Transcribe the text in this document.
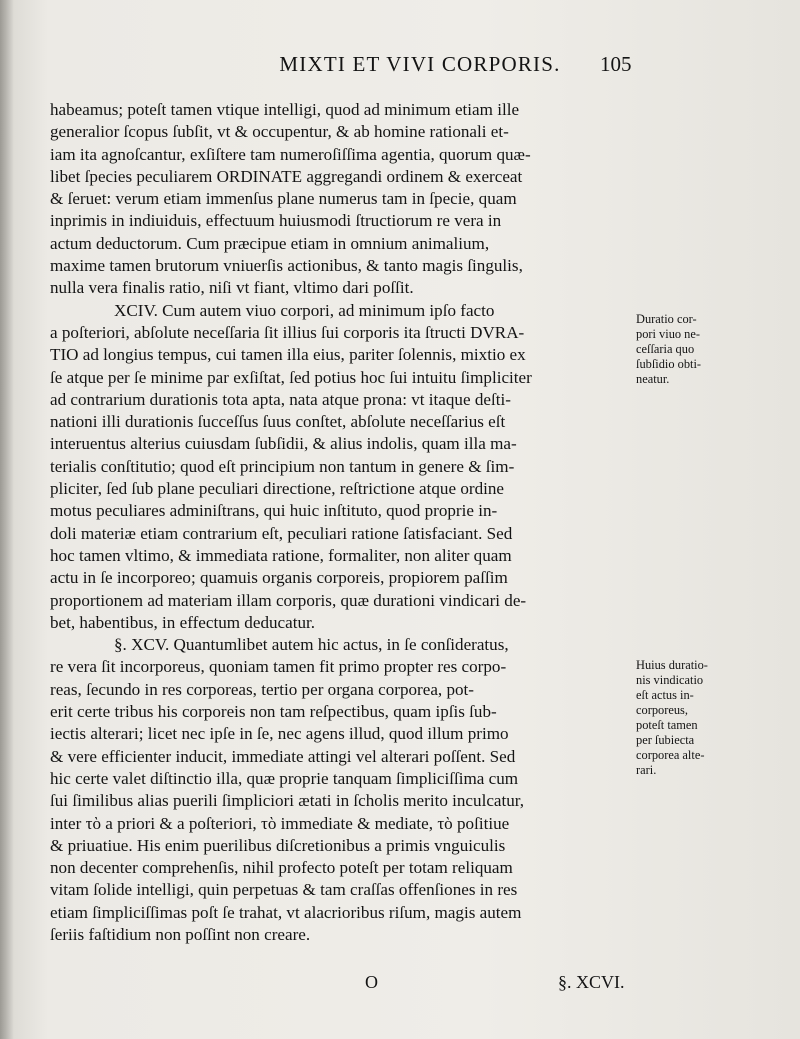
MIXTI ET VIVI CORPORIS.	105

habeamus; poteſt tamen vtique intelligi, quod ad minimum etiam ille
generalior ſcopus ſubſit, vt & occupentur, & ab homine rationali et-
iam ita agnoſcantur, exſiſtere tam numeroſiſſima agentia, quorum quæ-
libet ſpecies peculiarem ORDINATE aggregandi ordinem & exerceat
& ſeruet: verum etiam immenſus plane numerus tam in ſpecie, quam
inprimis in indiuiduis, effectuum huiusmodi ſtructiorum re vera in
actum deductorum. Cum præcipue etiam in omnium animalium,
maxime tamen brutorum vniuerſis actionibus, & tanto magis ſingulis,
nulla vera finalis ratio, niſi vt fiant, vltimo dari poſſit.

XCIV. Cum autem viuo corpori, ad minimum ipſo facto
a poſteriori, abſolute neceſſaria ſit illius ſui corporis ita ſtructi DVRA-
TIO ad longius tempus, cui tamen illa eius, pariter ſolennis, mixtio ex
ſe atque per ſe minime par exſiſtat, ſed potius hoc ſui intuitu ſimpliciter
ad contrarium durationis tota apta, nata atque prona: vt itaque deſti-
nationi illi durationis ſucceſſus ſuus conſtet, abſolute neceſſarius eſt
interuentus alterius cuiusdam ſubſidii, & alius indolis, quam illa ma-
terialis conſtitutio; quod eſt principium non tantum in genere & ſim-
pliciter, ſed ſub plane peculiari directione, reſtrictione atque ordine
motus peculiares adminiſtrans, qui huic inſtituto, quod proprie in-
doli materiæ etiam contrarium eſt, peculiari ratione ſatisfaciant. Sed
hoc tamen vltimo, & immediata ratione, formaliter, non aliter quam
actu in ſe incorporeo; quamuis organis corporeis, propiorem paſſim
proportionem ad materiam illam corporis, quæ durationi vindicari de-
bet, habentibus, in effectum deducatur.

§. XCV. Quantumlibet autem hic actus, in ſe conſideratus,
re vera ſit incorporeus, quoniam tamen fit primo propter res corpo-
reas, ſecundo in res corporeas, tertio per organa corporea, pot-
erit certe tribus his corporeis non tam reſpectibus, quam ipſis ſub-
iectis alterari; licet nec ipſe in ſe, nec agens illud, quod illum primo
& vere efficienter inducit, immediate attingi vel alterari poſſent. Sed
hic certe valet diſtinctio illa, quæ proprie tanquam ſimpliciſſima cum
ſui ſimilibus alias puerili ſimpliciori ætati in ſcholis merito inculcatur,
inter τὸ a priori & a poſteriori, τὸ immediate & mediate, τὸ poſitiue
& priuatiue. His enim puerilibus diſcretionibus a primis vnguiculis
non decenter comprehenſis, nihil profecto poteſt per totam reliquam
vitam ſolide intelligi, quin perpetuas & tam craſſas offenſiones in res
etiam ſimpliciſſimas poſt ſe trahat, vt alacrioribus riſum, magis autem
ſeriis faſtidium non poſſint non creare.

Duratio cor-
pori viuo ne-
ceſſaria quo
ſubſidio obti-
neatur.
Huius duratio-
nis vindicatio
eſt actus in-
corporeus,
poteſt tamen
per ſubiecta
corporea alte-
rari.
O	§. XCVI.
